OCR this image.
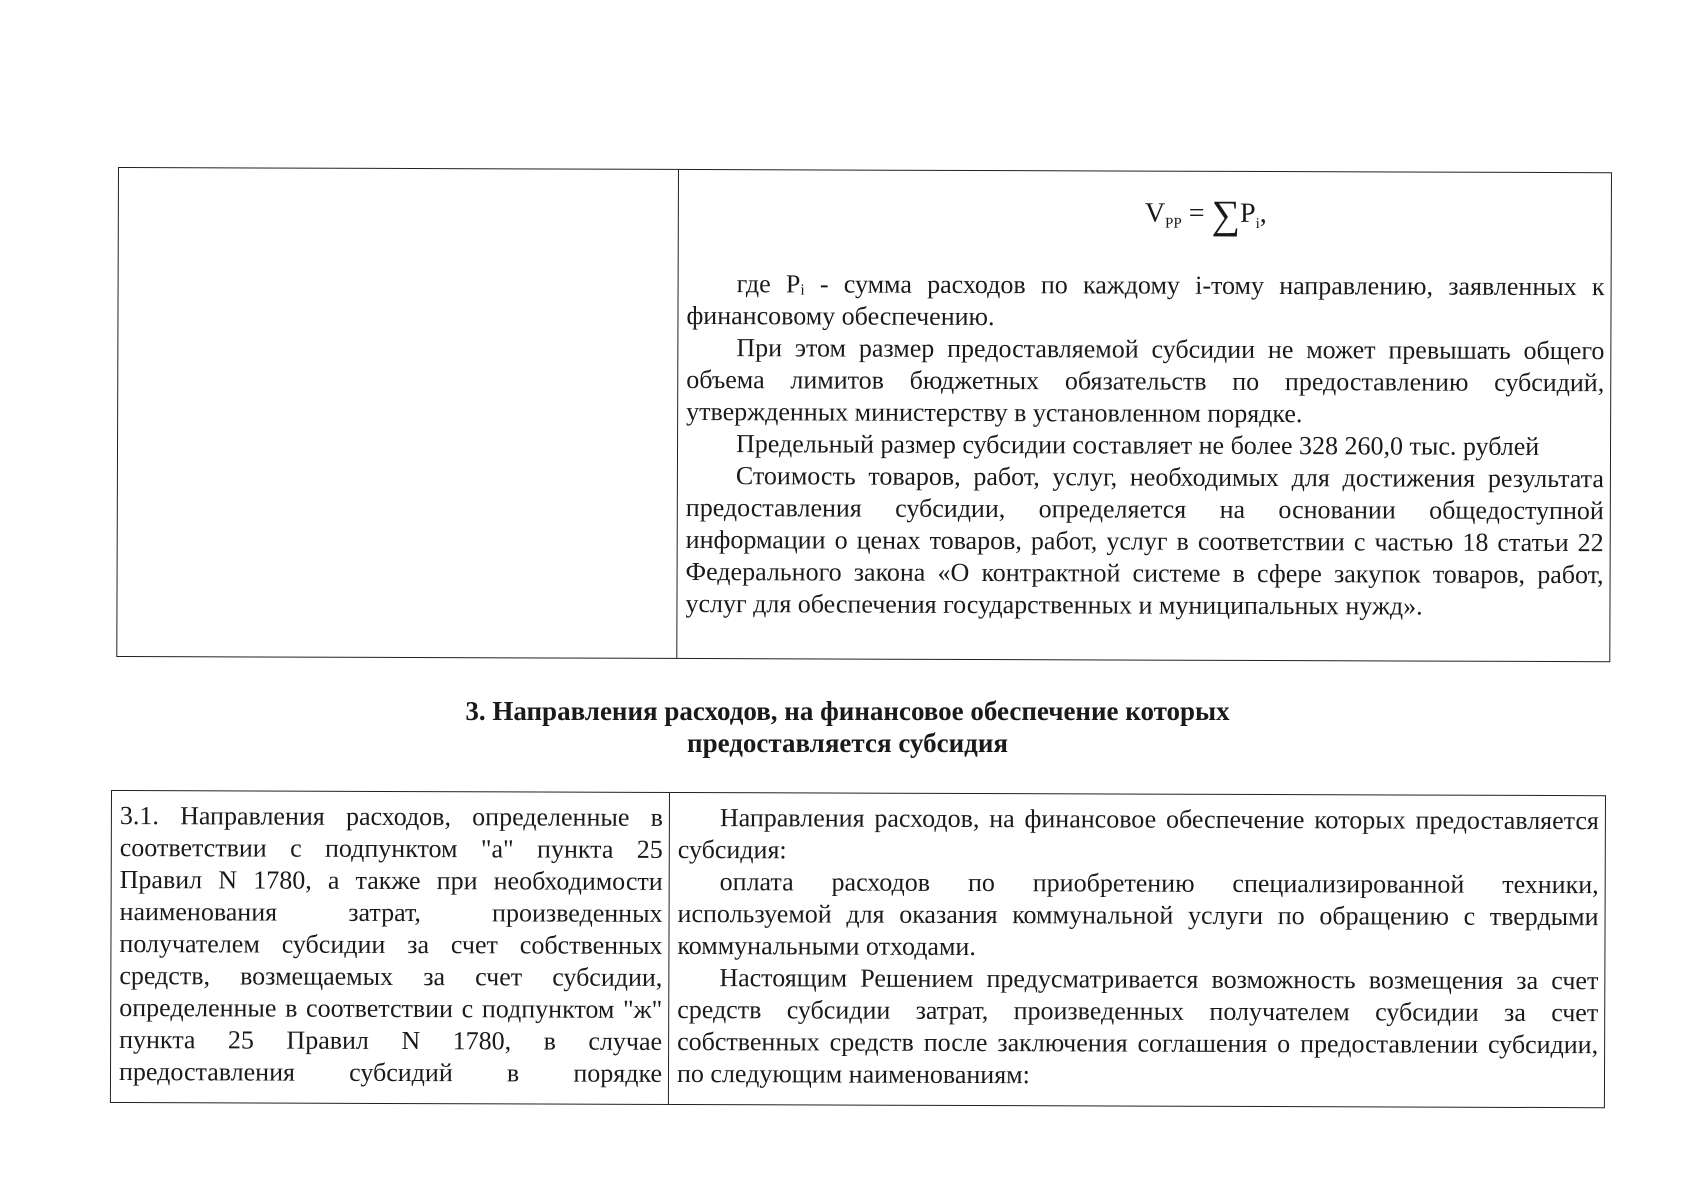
$V_{PP} = \sum P_i$,

где Pᵢ - сумма расходов по каждому i-тому направлению, заявленных к финансовому обеспечению.

При этом размер предоставляемой субсидии не может превышать общего объема лимитов бюджетных обязательств по предоставлению субсидий, утвержденных министерству в установленном порядке.

Предельный размер субсидии составляет не более 328 260,0 тыс. рублей

Стоимость товаров, работ, услуг, необходимых для достижения результата предоставления субсидии, определяется на основании общедоступной информации о ценах товаров, работ, услуг в соответствии с частью 18 статьи 22 Федерального закона «О контрактной системе в сфере закупок товаров, работ, услуг для обеспечения государственных и муниципальных нужд».

3. Направления расходов, на финансовое обеспечение которых
предоставляется субсидия

3.1. Направления расходов, определенные в соответствии с подпунктом "а" пункта 25 Правил N 1780, а также при необходимости наименования затрат, произведенных получателем субсидии за счет собственных средств, возмещаемых за счет субсидии, определенные в соответствии с подпунктом "ж" пункта 25 Правил N 1780, в случае предоставления субсидий в порядке

Направления расходов, на финансовое обеспечение которых предоставляется субсидия:

оплата расходов по приобретению специализированной техники, используемой для оказания коммунальной услуги по обращению с твердыми коммунальными отходами.

Настоящим Решением предусматривается возможность возмещения за счет средств субсидии затрат, произведенных получателем субсидии за счет собственных средств после заключения соглашения о предоставлении субсидии, по следующим наименованиям:
